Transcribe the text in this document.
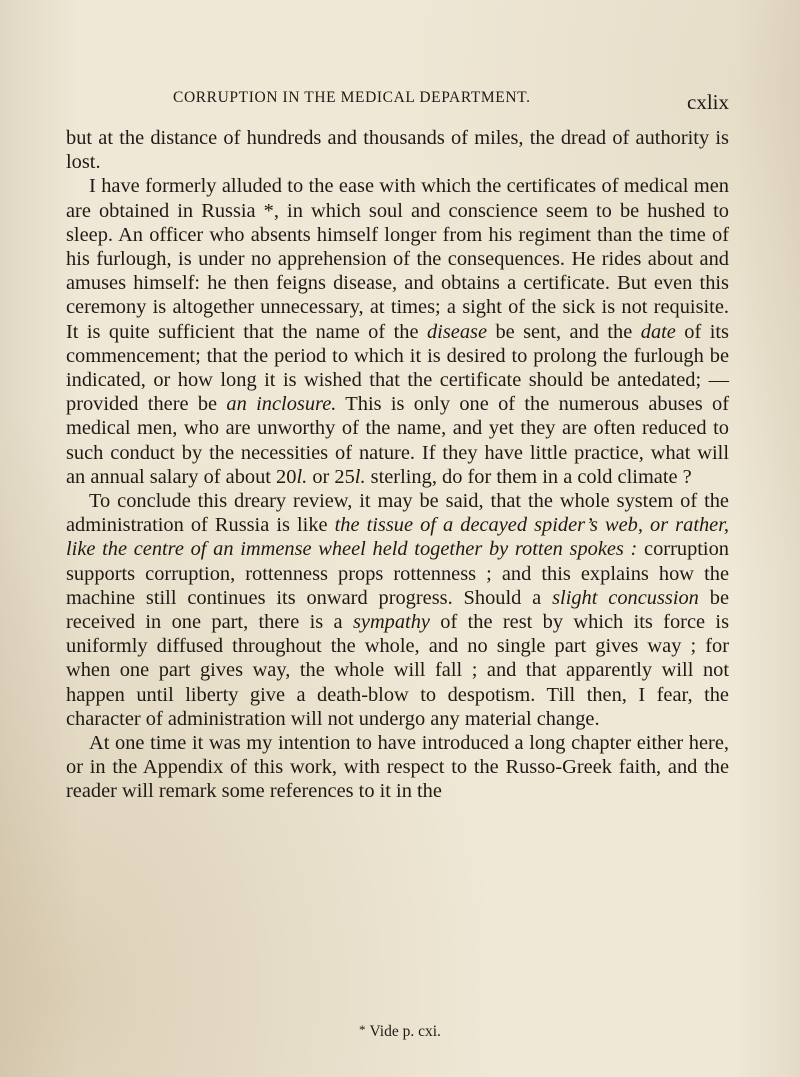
CORRUPTION IN THE MEDICAL DEPARTMENT.	cxlix

but at the distance of hundreds and thousands of miles, the dread of authority is lost.

I have formerly alluded to the ease with which the certificates of medical men are obtained in Russia *, in which soul and conscience seem to be hushed to sleep. An officer who absents himself longer from his regiment than the time of his furlough, is under no apprehension of the consequences. He rides about and amuses himself: he then feigns disease, and obtains a certificate. But even this ceremony is altogether unnecessary, at times; a sight of the sick is not requisite. It is quite sufficient that the name of the disease be sent, and the date of its commencement; that the period to which it is desired to prolong the furlough be indicated, or how long it is wished that the certificate should be antedated; — provided there be an inclosure. This is only one of the numerous abuses of medical men, who are unworthy of the name, and yet they are often reduced to such conduct by the necessities of nature. If they have little practice, what will an annual salary of about 20l. or 25l. sterling, do for them in a cold climate ?

To conclude this dreary review, it may be said, that the whole system of the administration of Russia is like the tissue of a decayed spider’s web, or rather, like the centre of an immense wheel held together by rotten spokes : corruption supports corruption, rottenness props rottenness ; and this explains how the machine still continues its onward progress. Should a slight concussion be received in one part, there is a sympathy of the rest by which its force is uniformly diffused throughout the whole, and no single part gives way ; for when one part gives way, the whole will fall ; and that apparently will not happen until liberty give a death-blow to despotism. Till then, I fear, the character of administration will not undergo any material change.

At one time it was my intention to have introduced a long chapter either here, or in the Appendix of this work, with respect to the Russo-Greek faith, and the reader will remark some references to it in the

* Vide p. cxi.
